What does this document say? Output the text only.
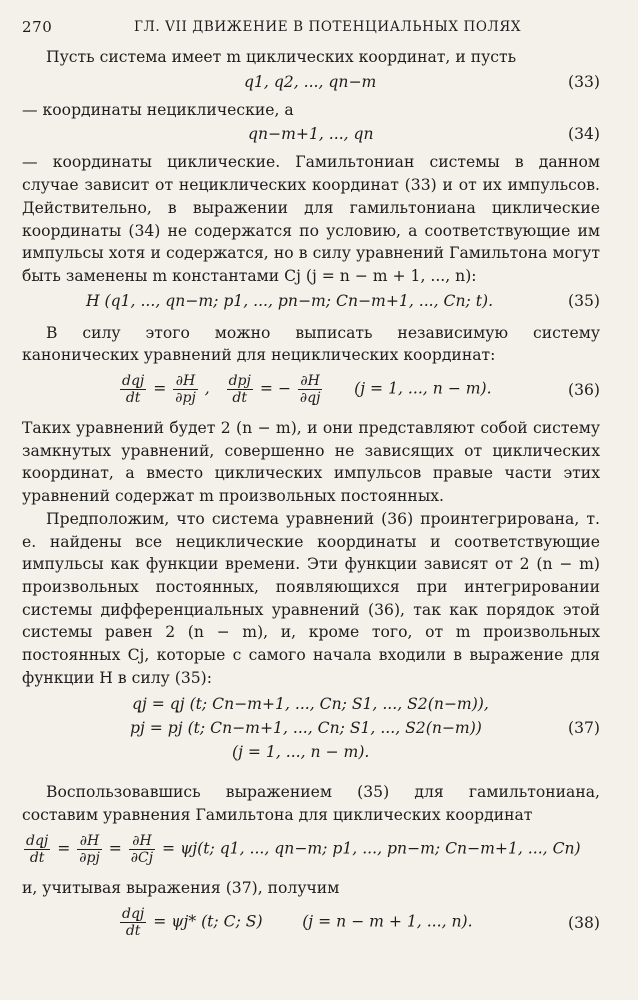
270	ГЛ. VII ДВИЖЕНИЕ В ПОТЕНЦИАЛЬНЫХ ПОЛЯХ

Пусть система имеет m циклических координат, и пусть

q1, q2, ..., qn−m	(33)

— координаты нециклические, а

qn−m+1, ..., qn	(34)

— координаты циклические. Гамильтониан системы в данном случае зависит от нециклических координат (33) и от их импульсов. Действительно, в выражении для гамильтониана циклические координаты (34) не содержатся по условию, а соответствующие им импульсы хотя и содержатся, но в силу уравнений Гамильтона могут быть заменены m константами Cj (j = n − m + 1, ..., n):

H (q1, ..., qn−m; p1, ..., pn−m; Cn−m+1, ..., Cn; t).	(35)

В силу этого можно выписать независимую систему канонических уравнений для нециклических координат:

$\frac{\text{dqj}}{dt} = \frac{\partial H}{\partial pj}$ , $\frac{\text{dpj}}{dt}$ = − $\frac{\partial H}{\partial qj} (j = 1$, ..., n − m).	(36)

Таких уравнений будет 2 (n − m), и они представляют собой систему замкнутых уравнений, совершенно не зависящих от циклических координат, а вместо циклических импульсов правые части этих уравнений содержат m произвольных постоянных.

Предположим, что система уравнений (36) проинтегрирована, т. е. найдены все нециклические координаты и соответствующие импульсы как функции времени. Эти функции зависят от 2 (n − m) произвольных постоянных, появляющихся при интегрировании системы дифференциальных уравнений (36), так как порядок этой системы равен 2 (n − m), и, кроме того, от m произвольных постоянных Cj, которые с самого начала входили в выражение для функции H в силу (35):

qj = qj (t; Cn−m+1, ..., Cn; S1, ..., S2(n−m)),
pj = pj (t; Cn−m+1, ..., Cn; S1, ..., S2(n−m))
(j = 1, ..., n − m).
(37)

Воспользовавшись выражением (35) для гамильтониана, составим уравнения Гамильтона для циклических координат

$\frac{\text{dqj}}{dt} = \frac{\partial H}{\partial pj} = \frac{\partial H}{\partial Cj} = \psi j(t$; q1, ..., qn−m; p1, ..., pn−m; Cn−m+1, ..., Cn)

и, учитывая выражения (37), получим

$\frac{\text{dqj}}{dt} = \psi j*$ (t; C; S)	(j = n − m + 1, ..., n).	(38)
